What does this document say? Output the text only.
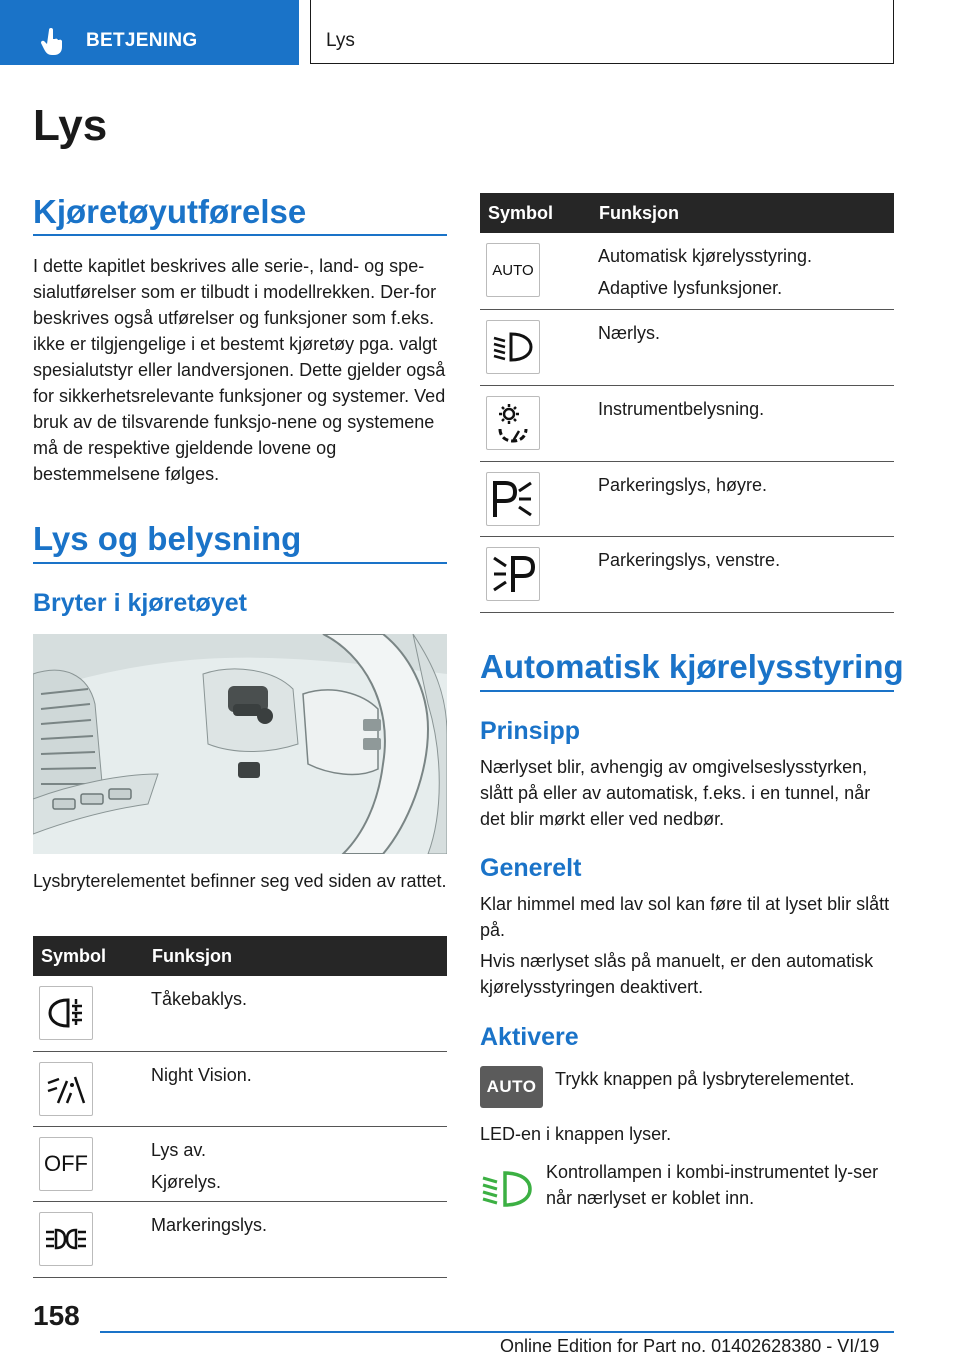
BETJENING	Lys
Lys
Kjøretøyutførelse

I dette kapitlet beskrives alle serie-, land- og spe-sialutførelser som er tilbudt i modellrekken. Der-for beskrives også utførelser og funksjoner som f.eks. ikke er tilgjengelige i et bestemt kjøretøy pga. valgt spesialutstyr eller landversjonen. Dette gjelder også for sikkerhetsrelevante funksjoner og systemer. Ved bruk av de tilsvarende funksjo-nene og systemene må de respektive gjeldende lovene og bestemmelsene følges.

Lys og belysning
Bryter i kjøretøyet

Lysbryterelementet befinner seg ved siden av rattet.

Symbol	Funksjon

Tåkebaklys.

Night Vision.

OFF	Lys av.
Kjørelys.

Markeringslys.
Symbol	Funksjon

AUTO	Automatisk kjørelysstyring.
Adaptive lysfunksjoner.

Nærlys.

Instrumentbelysning.

Parkeringslys, høyre.

Parkeringslys, venstre.
Automatisk kjørelysstyring
Prinsipp

Nærlyset blir, avhengig av omgivelseslysstyrken, slått på eller av automatisk, f.eks. i en tunnel, når det blir mørkt eller ved nedbør.

Generelt

Klar himmel med lav sol kan føre til at lyset blir slått på.

Hvis nærlyset slås på manuelt, er den automatisk kjørelysstyringen deaktivert.

Aktivere
AUTO	Trykk knappen på lysbryterelementet.

LED-en i knappen lyser.

Kontrollampen i kombi-instrumentet ly-ser når nærlyset er koblet inn.

158
Online Edition for Part no. 01402628380 - VI/19
